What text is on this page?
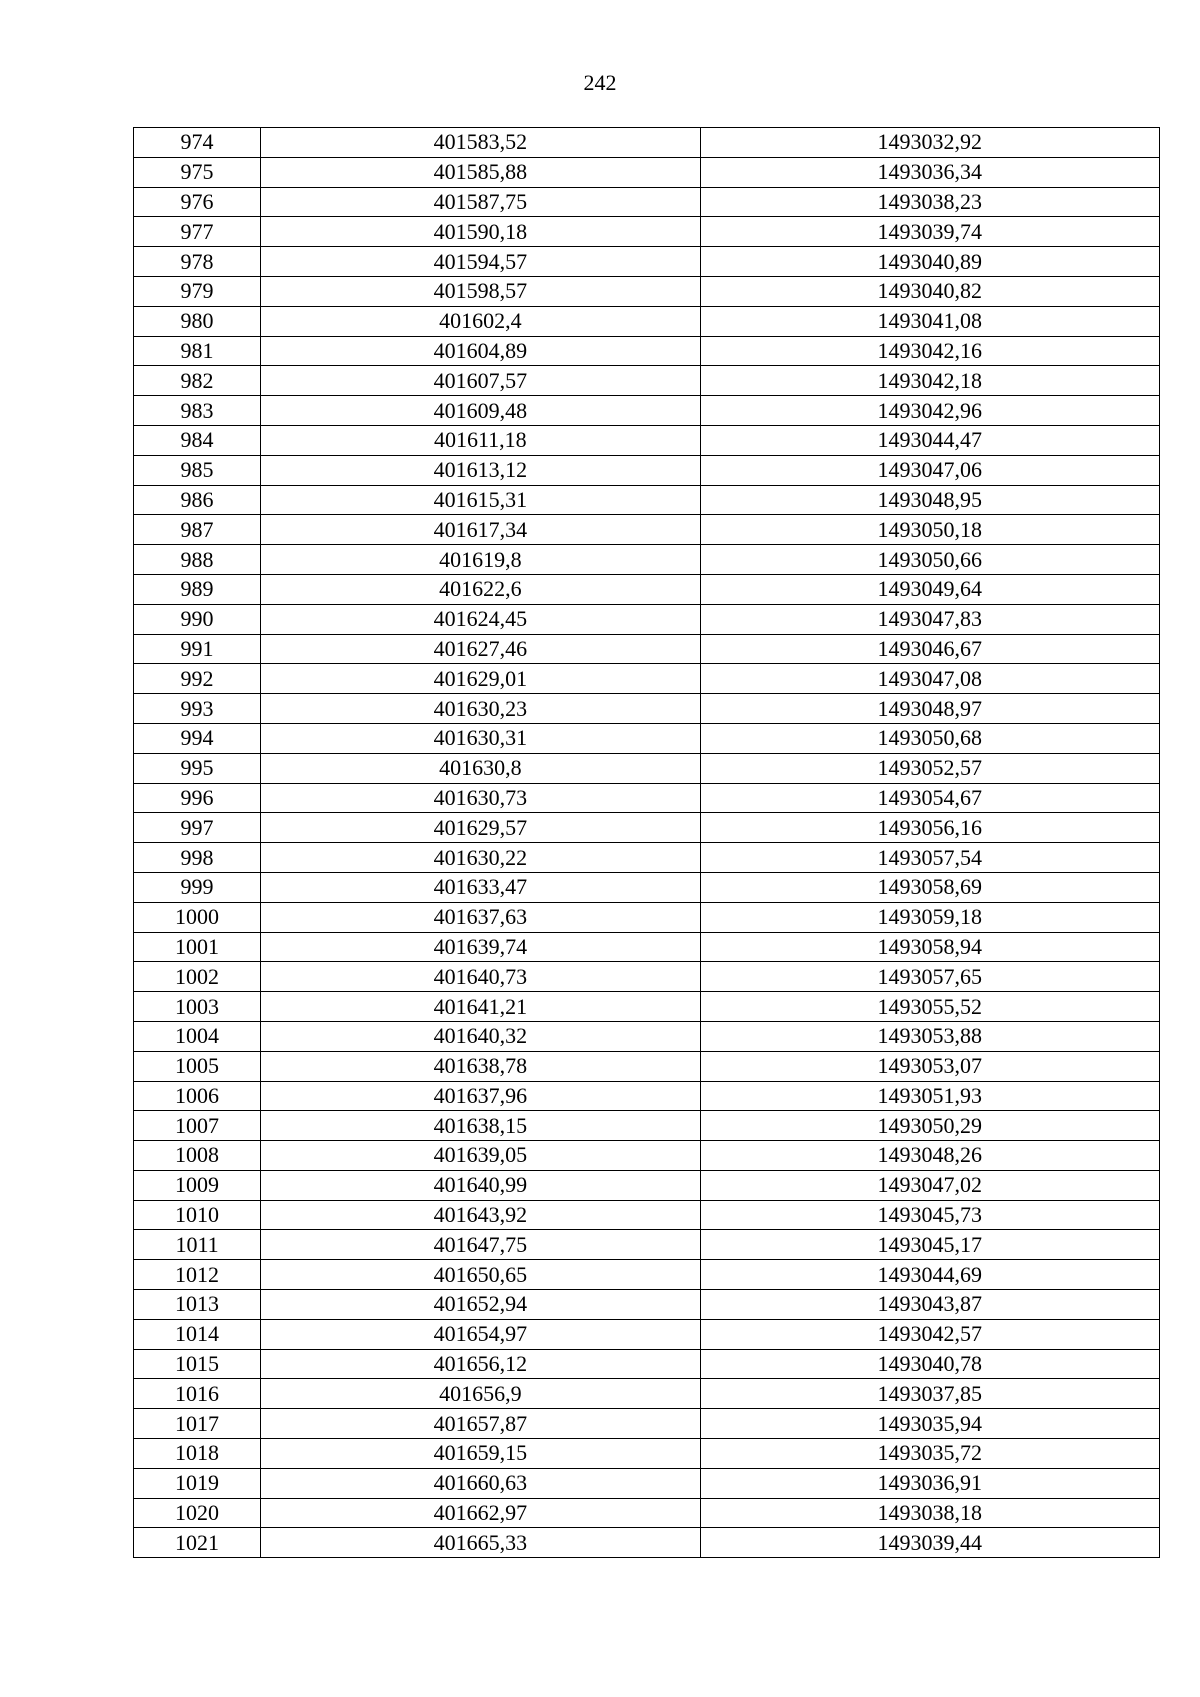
242
974	401583,52	1493032,92
975	401585,88	1493036,34
976	401587,75	1493038,23
977	401590,18	1493039,74
978	401594,57	1493040,89
979	401598,57	1493040,82
980	401602,4	1493041,08
981	401604,89	1493042,16
982	401607,57	1493042,18
983	401609,48	1493042,96
984	401611,18	1493044,47
985	401613,12	1493047,06
986	401615,31	1493048,95
987	401617,34	1493050,18
988	401619,8	1493050,66
989	401622,6	1493049,64
990	401624,45	1493047,83
991	401627,46	1493046,67
992	401629,01	1493047,08
993	401630,23	1493048,97
994	401630,31	1493050,68
995	401630,8	1493052,57
996	401630,73	1493054,67
997	401629,57	1493056,16
998	401630,22	1493057,54
999	401633,47	1493058,69
1000	401637,63	1493059,18
1001	401639,74	1493058,94
1002	401640,73	1493057,65
1003	401641,21	1493055,52
1004	401640,32	1493053,88
1005	401638,78	1493053,07
1006	401637,96	1493051,93
1007	401638,15	1493050,29
1008	401639,05	1493048,26
1009	401640,99	1493047,02
1010	401643,92	1493045,73
1011	401647,75	1493045,17
1012	401650,65	1493044,69
1013	401652,94	1493043,87
1014	401654,97	1493042,57
1015	401656,12	1493040,78
1016	401656,9	1493037,85
1017	401657,87	1493035,94
1018	401659,15	1493035,72
1019	401660,63	1493036,91
1020	401662,97	1493038,18
1021	401665,33	1493039,44
